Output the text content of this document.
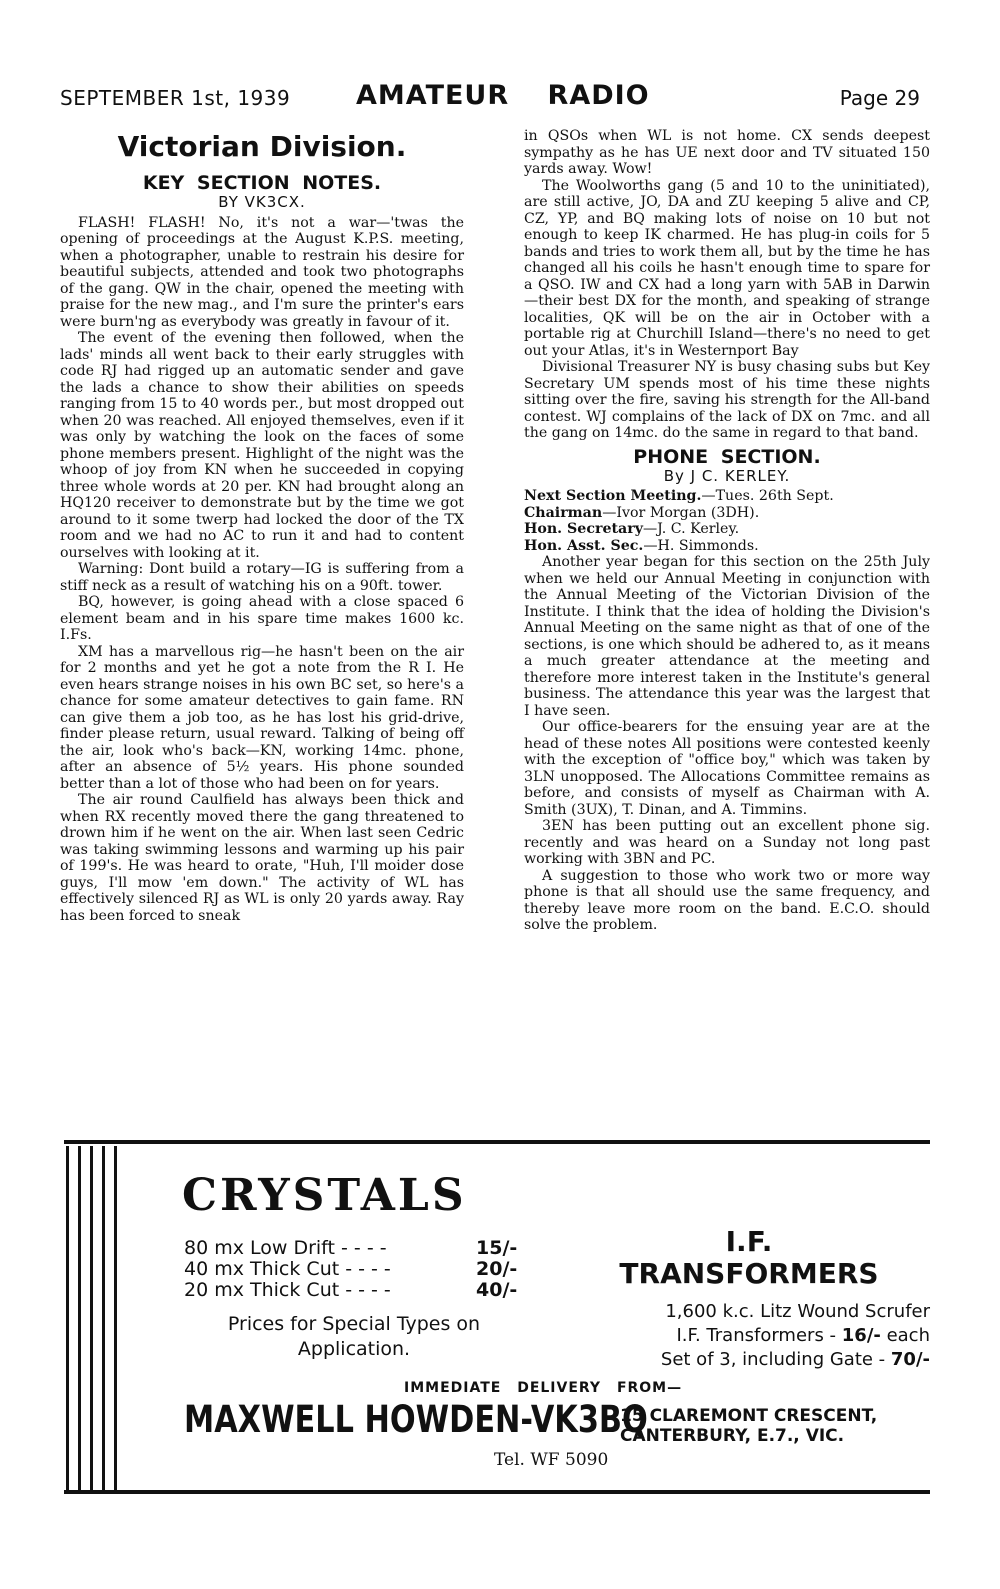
SEPTEMBER 1st, 1939 AMATEUR RADIO	Page 29
Victorian Division.
KEY SECTION NOTES.
BY VK3CX.

FLASH! FLASH! No, it's not a war—'twas the opening of proceedings at the August K.P.S. meeting, when a photographer, unable to restrain his desire for beautiful subjects, attended and took two photographs of the gang. QW in the chair, opened the meeting with praise for the new mag., and I'm sure the printer's ears were burn'ng as everybody was greatly in favour of it.

The event of the evening then followed, when the lads' minds all went back to their early struggles with code RJ had rigged up an automatic sender and gave the lads a chance to show their abilities on speeds ranging from 15 to 40 words per., but most dropped out when 20 was reached. All enjoyed themselves, even if it was only by watching the look on the faces of some phone members present. Highlight of the night was the whoop of joy from KN when he succeeded in copying three whole words at 20 per. KN had brought along an HQ120 receiver to demonstrate but by the time we got around to it some twerp had locked the door of the TX room and we had no AC to run it and had to content ourselves with looking at it.

Warning: Dont build a rotary—IG is suffering from a stiff neck as a result of watching his on a 90ft. tower.

BQ, however, is going ahead with a close spaced 6 element beam and in his spare time makes 1600 kc. I.Fs.

XM has a marvellous rig—he hasn't been on the air for 2 months and yet he got a note from the R I. He even hears strange noises in his own BC set, so here's a chance for some amateur detectives to gain fame. RN can give them a job too, as he has lost his grid-drive, finder please return, usual reward. Talking of being off the air, look who's back—KN, working 14mc. phone, after an absence of 5½ years. His phone sounded better than a lot of those who had been on for years.

The air round Caulfield has always been thick and when RX recently moved there the gang threatened to drown him if he went on the air. When last seen Cedric was taking swimming lessons and warming up his pair of 199's. He was heard to orate, "Huh, I'll moider dose guys, I'll mow 'em down." The activity of WL has effectively silenced RJ as WL is only 20 yards away. Ray has been forced to sneak

in QSOs when WL is not home. CX sends deepest sympathy as he has UE next door and TV situated 150 yards away. Wow!

The Woolworths gang (5 and 10 to the uninitiated), are still active, JO, DA and ZU keeping 5 alive and CP, CZ, YP, and BQ making lots of noise on 10 but not enough to keep IK charmed. He has plug-in coils for 5 bands and tries to work them all, but by the time he has changed all his coils he hasn't enough time to spare for a QSO. IW and CX had a long yarn with 5AB in Darwin—their best DX for the month, and speaking of strange localities, QK will be on the air in October with a portable rig at Churchill Island—there's no need to get out your Atlas, it's in Westernport Bay

Divisional Treasurer NY is busy chasing subs but Key Secretary UM spends most of his time these nights sitting over the fire, saving his strength for the All-band contest. WJ complains of the lack of DX on 7mc. and all the gang on 14mc. do the same in regard to that band.

PHONE SECTION.
By J C. KERLEY.
Next Section Meeting.—Tues. 26th Sept.
Chairman—Ivor Morgan (3DH).
Hon. Secretary—J. C. Kerley.
Hon. Asst. Sec.—H. Simmonds.

Another year began for this section on the 25th July when we held our Annual Meeting in conjunction with the Annual Meeting of the Victorian Division of the Institute. I think that the idea of holding the Division's Annual Meeting on the same night as that of one of the sections, is one which should be adhered to, as it means a much greater attendance at the meeting and therefore more interest taken in the Institute's general business. The attendance this year was the largest that I have seen.

Our office-bearers for the ensuing year are at the head of these notes All positions were contested keenly with the exception of "office boy," which was taken by 3LN unopposed. The Allocations Committee remains as before, and consists of myself as Chairman with A. Smith (3UX), T. Dinan, and A. Timmins.

3EN has been putting out an excellent phone sig. recently and was heard on a Sunday not long past working with 3BN and PC.

A suggestion to those who work two or more way phone is that all should use the same frequency, and thereby leave more room on the band. E.C.O. should solve the problem.

CRYSTALS
80 mx Low Drift - - - -	15/-
40 mx Thick Cut - - - -	20/-
20 mx Thick Cut - - - -	40/-
Prices for Special Types on
Application.
I.F.
TRANSFORMERS
1,600 k.c. Litz Wound Scrufer
I.F. Transformers - 16/- each
Set of 3, including Gate - 70/-
IMMEDIATE DELIVERY FROM—
MAXWELL HOWDEN-VK3BQ
15 CLAREMONT CRESCENT,
CANTERBURY, E.7., VIC.
Tel. WF 5090
